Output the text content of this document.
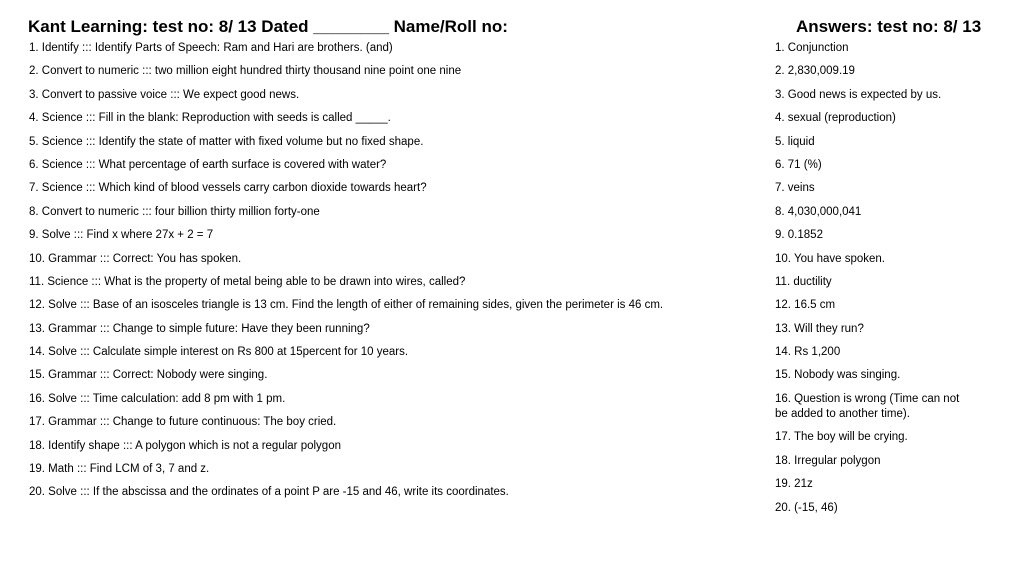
Kant Learning: test no: 8/ 13 Dated ________ Name/Roll no:	Answers: test no: 8/ 13
1. Identify ::: Identify Parts of Speech: Ram and Hari are brothers. (and)
2. Convert to numeric ::: two million eight hundred thirty thousand nine point one nine
3. Convert to passive voice ::: We expect good news.
4. Science ::: Fill in the blank: Reproduction with seeds is called _____.
5. Science ::: Identify the state of matter with fixed volume but no fixed shape.
6. Science ::: What percentage of earth surface is covered with water?
7. Science ::: Which kind of blood vessels carry carbon dioxide towards heart?
8. Convert to numeric ::: four billion thirty million forty-one
9. Solve ::: Find x where 27x + 2 = 7
10. Grammar ::: Correct: You has spoken.
11. Science ::: What is the property of metal being able to be drawn into wires, called?
12. Solve ::: Base of an isosceles triangle is 13 cm. Find the length of either of remaining sides, given the perimeter is 46 cm.
13. Grammar ::: Change to simple future: Have they been running?
14. Solve ::: Calculate simple interest on Rs 800 at 15percent for 10 years.
15. Grammar ::: Correct: Nobody were singing.
16. Solve ::: Time calculation: add 8 pm with 1 pm.
17. Grammar ::: Change to future continuous: The boy cried.
18. Identify shape ::: A polygon which is not a regular polygon
19. Math ::: Find LCM of 3, 7 and z.
20. Solve ::: If the abscissa and the ordinates of a point P are -15 and 46, write its coordinates.
1. Conjunction
2. 2,830,009.19
3. Good news is expected by us.
4. sexual (reproduction)
5. liquid
6. 71 (%)
7. veins
8. 4,030,000,041
9. 0.1852
10. You have spoken.
11. ductility
12. 16.5 cm
13. Will they run?
14. Rs 1,200
15. Nobody was singing.
16. Question is wrong (Time can not be added to another time).
17. The boy will be crying.
18. Irregular polygon
19. 21z
20. (-15, 46)
